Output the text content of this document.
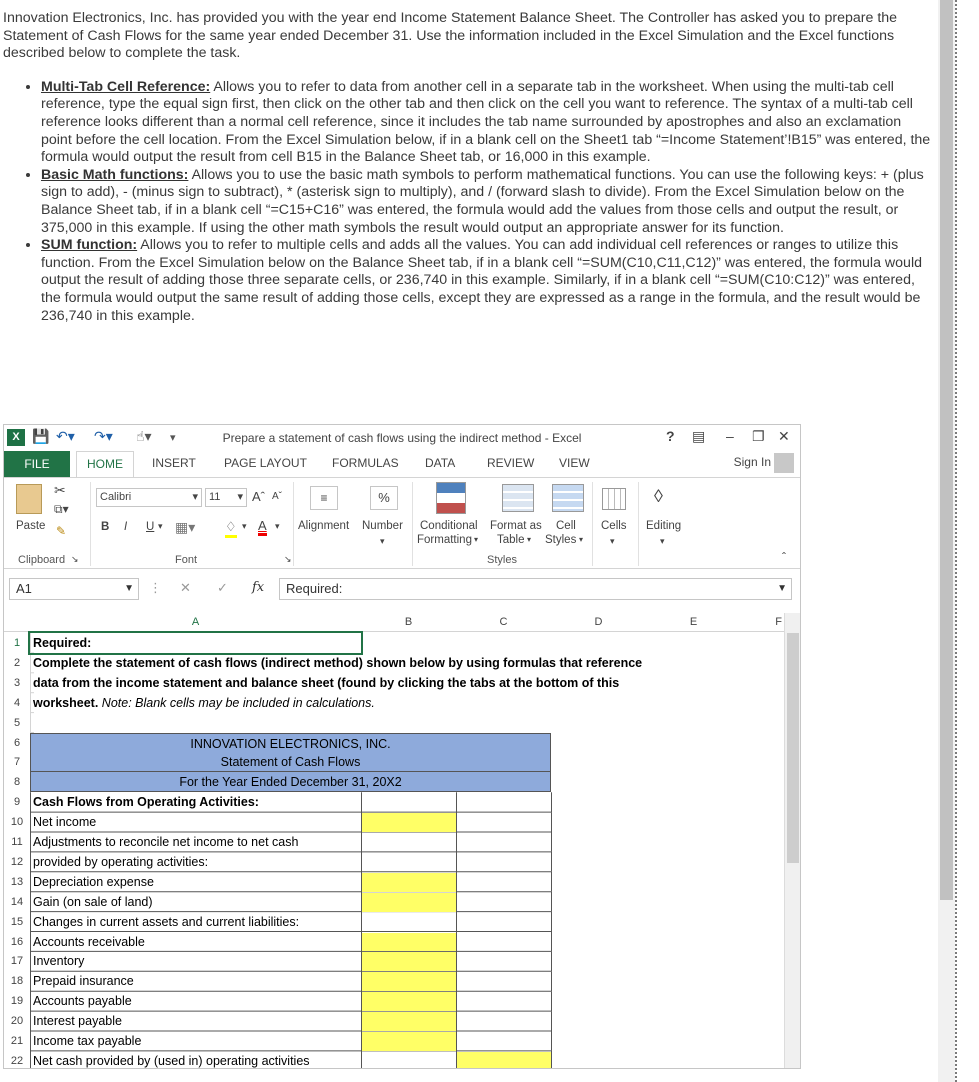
Innovation Electronics, Inc. has provided you with the year end Income Statement Balance Sheet. The Controller has asked you to prepare the Statement of Cash Flows for the same year ended December 31. Use the information included in the Excel Simulation and the Excel functions described below to complete the task.

• Multi-Tab Cell Reference: Allows you to refer to data from another cell in a separate tab in the worksheet. When using the multi-tab cell reference, type the equal sign first, then click on the other tab and then click on the cell you want to reference. The syntax of a multi-tab cell reference looks different than a normal cell reference, since it includes the tab name surrounded by apostrophes and also an exclamation point before the cell location. From the Excel Simulation below, if in a blank cell on the Sheet1 tab “=Income Statement’!B15” was entered, the formula would output the result from cell B15 in the Balance Sheet tab, or 16,000 in this example.
• Basic Math functions: Allows you to use the basic math symbols to perform mathematical functions. You can use the following keys: + (plus sign to add), - (minus sign to subtract), * (asterisk sign to multiply), and / (forward slash to divide). From the Excel Simulation below on the Balance Sheet tab, if in a blank cell “=C15+C16” was entered, the formula would add the values from those cells and output the result, or 375,000 in this example. If using the other math symbols the result would output an appropriate answer for its function.
• SUM function: Allows you to refer to multiple cells and adds all the values. You can add individual cell references or ranges to utilize this function. From the Excel Simulation below on the Balance Sheet tab, if in a blank cell “=SUM(C10,C11,C12)” was entered, the formula would output the result of adding those three separate cells, or 236,740 in this example. Similarly, if in a blank cell “=SUM(C10:C12)” was entered, the formula would output the same result of adding those cells, except they are expressed as a range in the formula, and the result would be 236,740 in this example.
X 💾 ↶▾ ↷▾ ☝▾ ▾	Prepare a statement of cash flows using the indirect method - Excel	? ▤ – ❐ ✕
FILE	HOME	INSERT PAGE LAYOUT FORMULAS DATA	REVIEW VIEW	Sign In
Paste
✂
⧉▾
✎
Clipboard ↘
Calibri	▾	11 ▾ Aˆ Aˇ
B I U ▾ ▦▾ ♢ ▾ A ▾
Font	↘
≡
Alignment
%
Number
▾
Conditional
Formatting ▾
Format as
Table ▾
Cell
Styles ▾
Styles
Cells
▾
◊
Editing
▾
ˆ
A1	▼ ⋮ ✕ ✓ fx	Required:	▼
A	B	C	D	E	F
1	Required:
2	Complete the statement of cash flows (indirect method) shown below by using formulas that reference
3	data from the income statement and balance sheet (found by clicking the tabs at the bottom of this
4	worksheet. Note: Blank cells may be included in calculations.
5
6	INNOVATION ELECTRONICS, INC.
7	Statement of Cash Flows
8	For the Year Ended December 31, 20X2
9	Cash Flows from Operating Activities:
10 Net income
11 Adjustments to reconcile net income to net cash
12 provided by operating activities:
13 Depreciation expense
14 Gain (on sale of land)
15 Changes in current assets and current liabilities:
16 Accounts receivable
17 Inventory
18 Prepaid insurance
19 Accounts payable
20 Interest payable
21 Income tax payable
22 Net cash provided by (used in) operating activities
